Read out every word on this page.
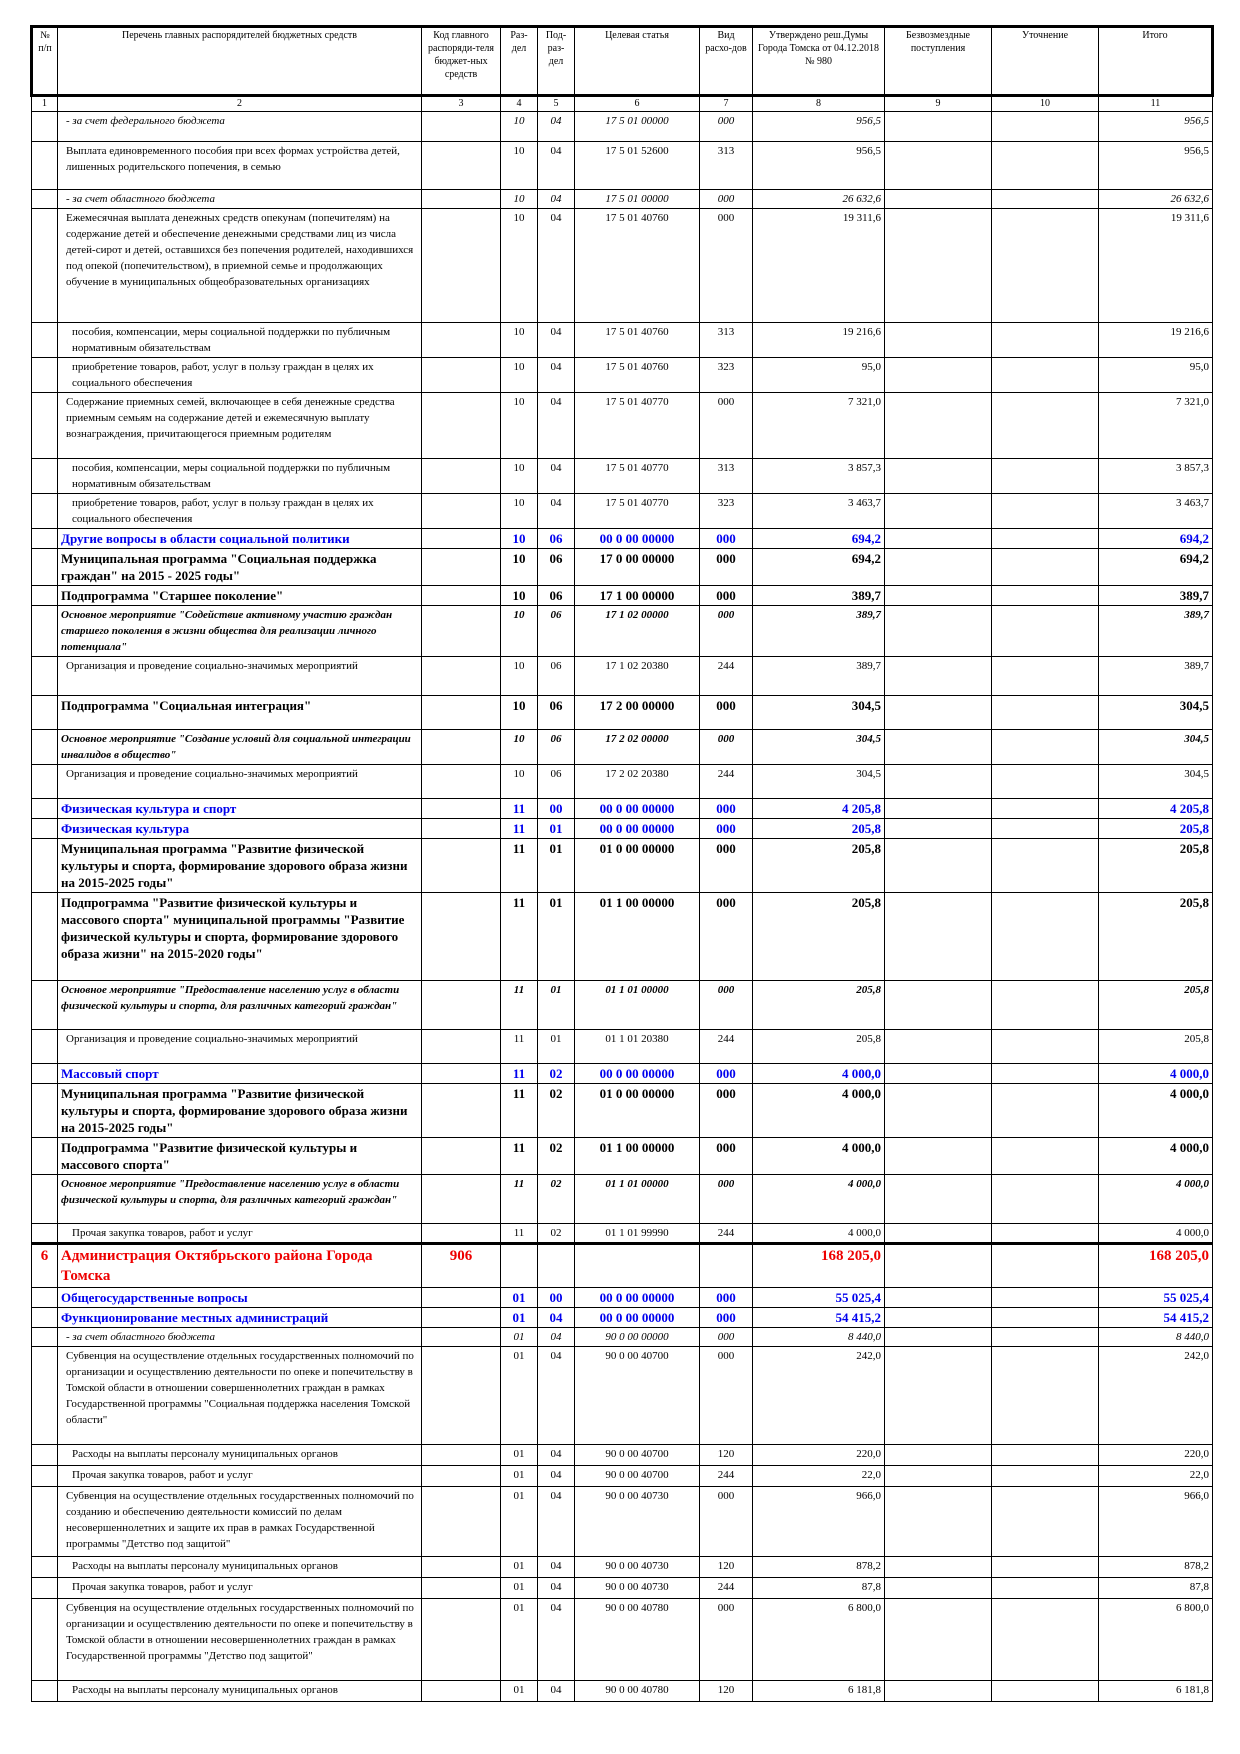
№ п/п	Перечень главных распорядителей бюджетных средств	Код главного распоряди-теля бюджет-ных средств	Раз-дел	Под-раз-дел	Целевая статья	Вид расхо-дов	Утверждено реш.Думы Города Томска от 04.12.2018 № 980	Безвозмездные поступления	Уточнение	Итого
1	2	3	4	5	6	7	8	9	10	11
	- за счет федерального бюджета		10	04	17 5 01 00000	000	956,5			956,5
	Выплата единовременного пособия при всех формах устройства детей, лишенных родительского попечения, в семью		10	04	17 5 01 52600	313	956,5			956,5
	- за счет областного бюджета		10	04	17 5 01 00000	000	26 632,6			26 632,6
	Ежемесячная выплата денежных средств опекунам (попечителям) на содержание детей и обеспечение денежными средствами лиц из числа детей-сирот и детей, оставшихся без попечения родителей, находившихся под опекой (попечительством), в приемной семье и продолжающих обучение в муниципальных общеобразовательных организациях		10	04	17 5 01 40760	000	19 311,6			19 311,6
	пособия, компенсации, меры социальной поддержки по публичным нормативным обязательствам		10	04	17 5 01 40760	313	19 216,6			19 216,6
	приобретение товаров, работ, услуг в пользу граждан в целях их социального обеспечения		10	04	17 5 01 40760	323	95,0			95,0
	Содержание приемных семей, включающее в себя денежные средства приемным семьям на содержание детей и ежемесячную выплату вознаграждения, причитающегося приемным родителям		10	04	17 5 01 40770	000	7 321,0			7 321,0
	пособия, компенсации, меры социальной поддержки по публичным нормативным обязательствам		10	04	17 5 01 40770	313	3 857,3			3 857,3
	приобретение товаров, работ, услуг в пользу граждан в целях их социального обеспечения		10	04	17 5 01 40770	323	3 463,7			3 463,7
	Другие вопросы в области социальной политики		10	06	00 0 00 00000	000	694,2			694,2
	Муниципальная программа "Социальная поддержка граждан" на 2015 - 2025 годы"		10	06	17 0 00 00000	000	694,2			694,2
	Подпрограмма "Старшее поколение"		10	06	17 1 00 00000	000	389,7			389,7
	Основное мероприятие "Содействие активному участию граждан старшего поколения в жизни общества для реализации личного потенциала"		10	06	17 1 02 00000	000	389,7			389,7
	Организация и проведение социально-значимых мероприятий		10	06	17 1 02 20380	244	389,7			389,7
	Подпрограмма "Социальная интеграция"		10	06	17 2 00 00000	000	304,5			304,5
	Основное мероприятие "Создание условий для социальной интеграции инвалидов в общество"		10	06	17 2 02 00000	000	304,5			304,5
	Организация и проведение социально-значимых мероприятий		10	06	17 2 02 20380	244	304,5			304,5
	Физическая культура и спорт		11	00	00 0 00 00000	000	4 205,8			4 205,8
	Физическая культура		11	01	00 0 00 00000	000	205,8			205,8
	Муниципальная программа "Развитие физической культуры и спорта, формирование здорового образа жизни на 2015-2025 годы"		11	01	01 0 00 00000	000	205,8			205,8
	Подпрограмма "Развитие физической культуры и массового спорта" муниципальной программы "Развитие физической культуры и спорта, формирование здорового образа жизни" на 2015-2020 годы"		11	01	01 1 00 00000	000	205,8			205,8
	Основное мероприятие "Предоставление населению услуг в области физической культуры и спорта, для различных категорий граждан"		11	01	01 1 01 00000	000	205,8			205,8
	Организация и проведение социально-значимых мероприятий		11	01	01 1 01 20380	244	205,8			205,8
	Массовый спорт		11	02	00 0 00 00000	000	4 000,0			4 000,0
	Муниципальная программа "Развитие физической культуры и спорта, формирование здорового образа жизни на 2015-2025 годы"		11	02	01 0 00 00000	000	4 000,0			4 000,0
	Подпрограмма "Развитие физической культуры и массового спорта"		11	02	01 1 00 00000	000	4 000,0			4 000,0
	Основное мероприятие "Предоставление населению услуг в области физической культуры и спорта, для различных категорий граждан"		11	02	01 1 01 00000	000	4 000,0			4 000,0
	Прочая закупка товаров, работ и услуг		11	02	01 1 01 99990	244	4 000,0			4 000,0
6	Администрация Октябрьского района Города Томска	906					168 205,0			168 205,0
	Общегосударственные вопросы		01	00	00 0 00 00000	000	55 025,4			55 025,4
	Функционирование местных администраций		01	04	00 0 00 00000	000	54 415,2			54 415,2
	- за счет областного бюджета		01	04	90 0 00 00000	000	8 440,0			8 440,0
	Субвенция на осуществление отдельных государственных полномочий по организации и осуществлению деятельности по опеке и попечительству в Томской области в отношении совершеннолетних граждан в рамках Государственной программы "Социальная поддержка населения Томской области"		01	04	90 0 00 40700	000	242,0			242,0
	Расходы на выплаты персоналу муниципальных органов		01	04	90 0 00 40700	120	220,0			220,0
	Прочая закупка товаров, работ и услуг		01	04	90 0 00 40700	244	22,0			22,0
	Субвенция на осуществление отдельных государственных полномочий по созданию и обеспечению деятельности комиссий по делам несовершеннолетних и защите их прав в рамках Государственной программы "Детство под защитой"		01	04	90 0 00 40730	000	966,0			966,0
	Расходы на выплаты персоналу муниципальных органов		01	04	90 0 00 40730	120	878,2			878,2
	Прочая закупка товаров, работ и услуг		01	04	90 0 00 40730	244	87,8			87,8
	Субвенция на осуществление отдельных государственных полномочий по организации и осуществлению деятельности по опеке и попечительству в Томской области в отношении несовершеннолетних граждан в рамках Государственной программы "Детство под защитой"		01	04	90 0 00 40780	000	6 800,0			6 800,0
	Расходы на выплаты персоналу муниципальных органов		01	04	90 0 00 40780	120	6 181,8			6 181,8
